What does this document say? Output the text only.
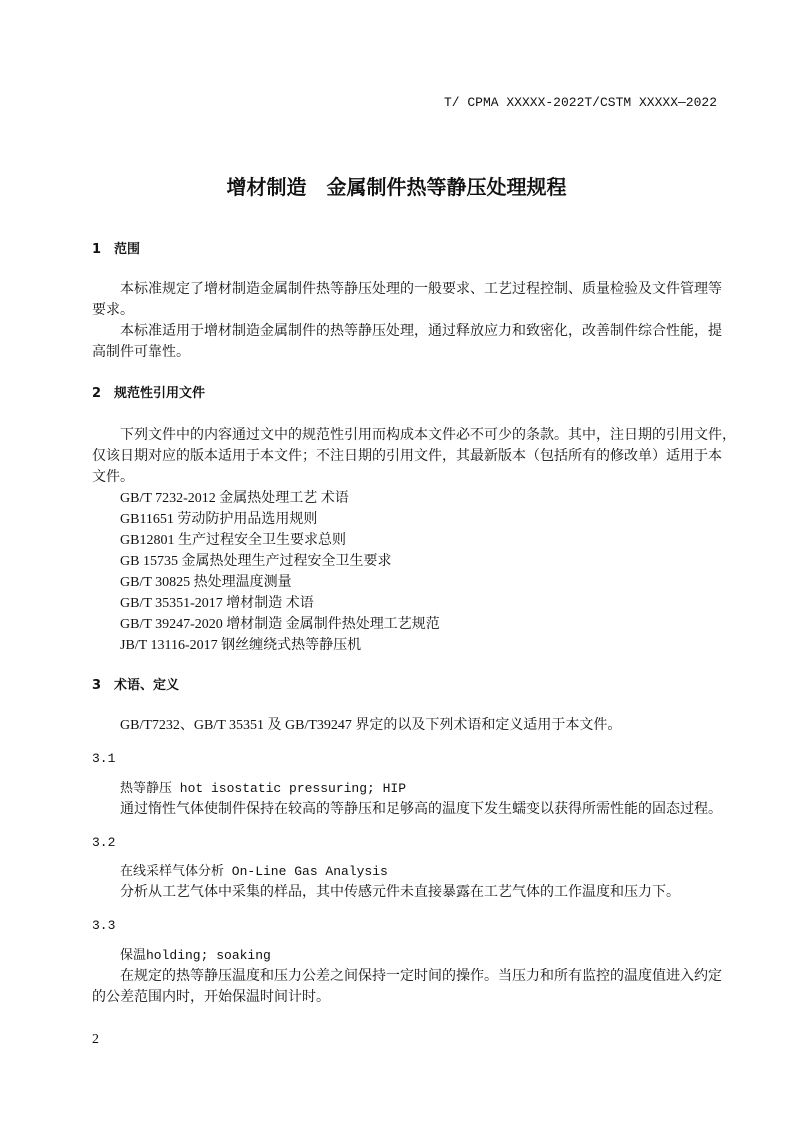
T/ CPMA XXXXX-2022T/CSTM XXXXX—2022
增材制造　金属制件热等静压处理规程
1　范围
本标准规定了增材制造金属制件热等静压处理的一般要求、工艺过程控制、质量检验及文件管理等
要求。
本标准适用于增材制造金属制件的热等静压处理，通过释放应力和致密化，改善制件综合性能，提
高制件可靠性。
2　规范性引用文件
下列文件中的内容通过文中的规范性引用而构成本文件必不可少的条款。其中，注日期的引用文件，
仅该日期对应的版本适用于本文件；不注日期的引用文件，其最新版本（包括所有的修改单）适用于本
文件。
GB/T 7232-2012 金属热处理工艺 术语
GB11651 劳动防护用品选用规则
GB12801 生产过程安全卫生要求总则
GB 15735 金属热处理生产过程安全卫生要求
GB/T 30825 热处理温度测量
GB/T 35351-2017 增材制造 术语
GB/T 39247-2020 增材制造 金属制件热处理工艺规范
JB/T 13116-2017 钢丝缠绕式热等静压机
3　术语、定义
GB/T7232、GB/T 35351 及 GB/T39247 界定的以及下列术语和定义适用于本文件。
3.1
热等静压 hot isostatic pressuring; HIP
通过惰性气体使制件保持在较高的等静压和足够高的温度下发生蠕变以获得所需性能的固态过程。
3.2
在线采样气体分析 On-Line Gas Analysis
分析从工艺气体中采集的样品，其中传感元件未直接暴露在工艺气体的工作温度和压力下。
3.3
保温holding; soaking
在规定的热等静压温度和压力公差之间保持一定时间的操作。当压力和所有监控的温度值进入约定
的公差范围内时，开始保温时间计时。
2
